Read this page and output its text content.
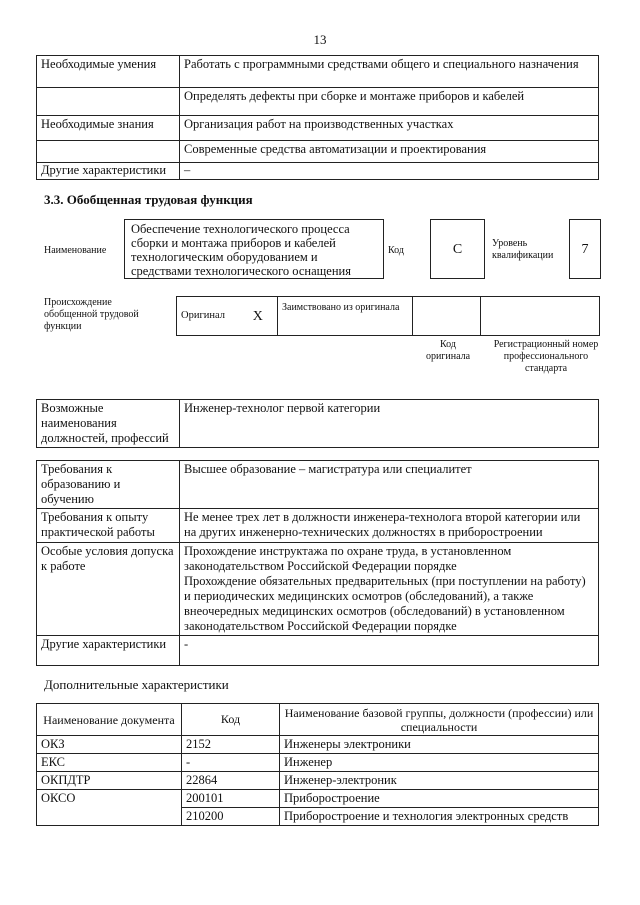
13
Необходимые умения	Работать с программными средствами общего и специального назначения
	Определять дефекты при сборке и монтаже приборов и кабелей
Необходимые знания	Организация работ на производственных участках
	Современные средства автоматизации и проектирования
Другие характеристики	–
3.3. Обобщенная трудовая функция
Наименование
Обеспечение технологического процесса сборки и монтажа приборов и кабелей технологическим оборудованием и средствами технологического оснащения
Код	C	Уровень квалификации	7
Происхождение обобщенной трудовой функции
Оригинал	X	Заимствовано из оригинала		
Код оригинала
Регистрационный номер профессионального стандарта
Возможные наименования должностей, профессий	Инженер-технолог первой категории
Требования к образованию и обучению	Высшее образование – магистратура или специалитет
Требования к опыту практической работы	Не менее трех лет в должности инженера-технолога второй категории или на других инженерно-технических должностях в приборостроении
Особые условия допуска к работе	Прохождение инструктажа по охране труда, в установленном законодательством Российской Федерации порядке
Прохождение обязательных предварительных (при поступлении на работу) и периодических медицинских осмотров (обследований), а также внеочередных медицинских осмотров (обследований) в установленном законодательством Российской Федерации порядке

Другие характеристики	-
Дополнительные характеристики
Наименование документа	Код	Наименование базовой группы, должности (профессии) или специальности
ОКЗ	2152	Инженеры электроники
ЕКС	-	Инженер
ОКПДТР	22864	Инженер-электроник
ОКСО	200101	Приборостроение
	210200	Приборостроение и технология электронных средств
